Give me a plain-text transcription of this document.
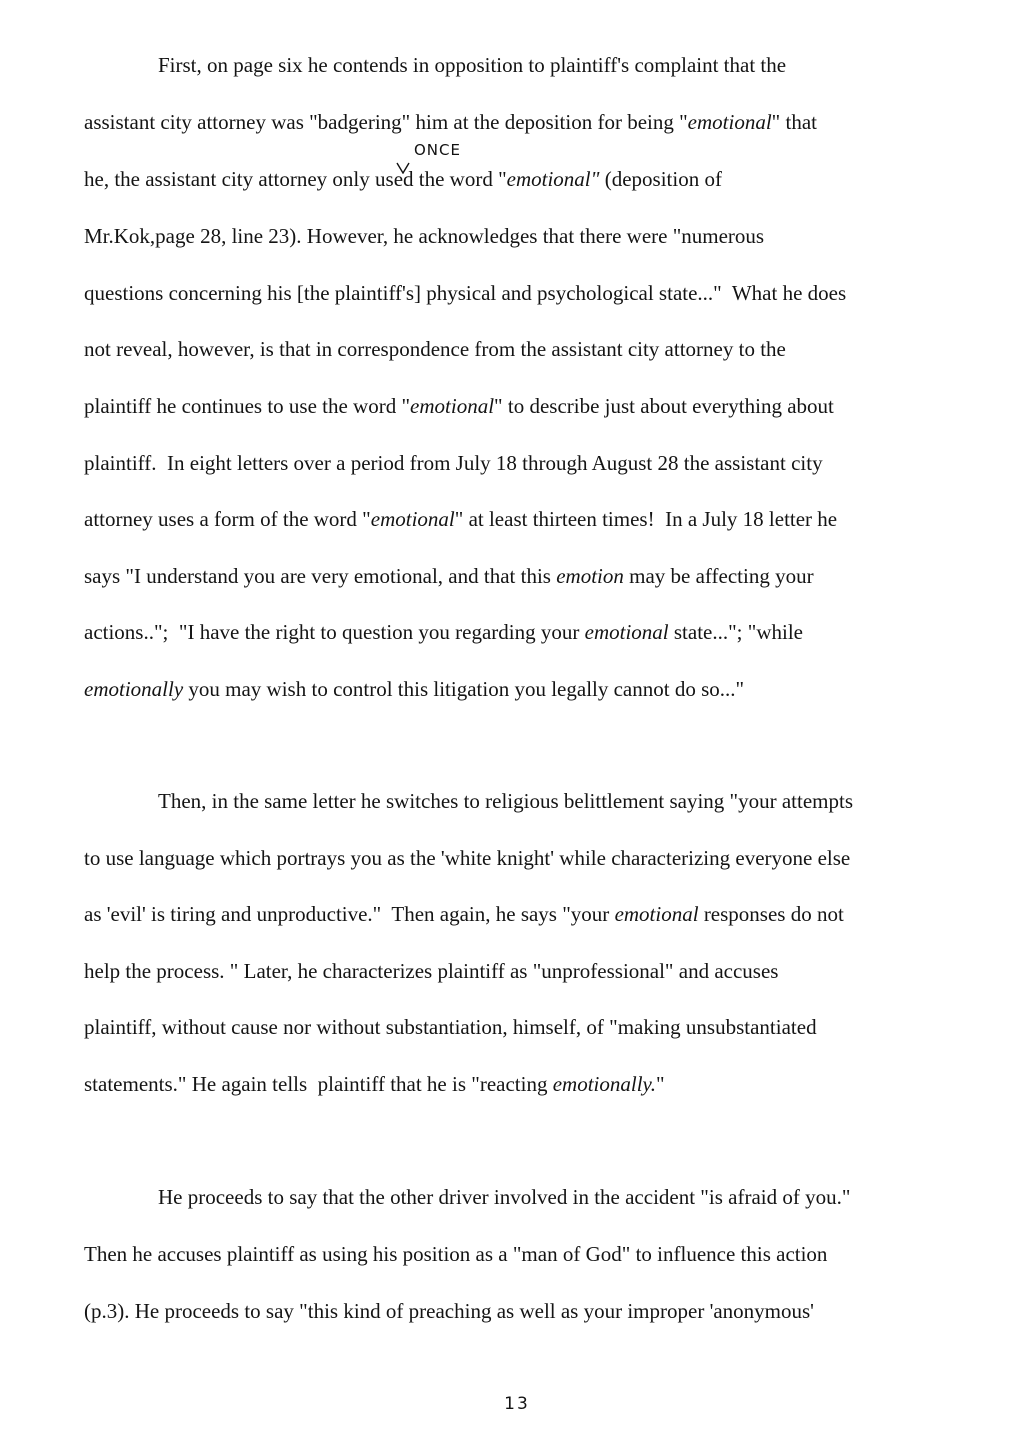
First, on page six he contends in opposition to plaintiff's complaint that the
assistant city attorney was "badgering" him at the deposition for being "emotional" that
he, the assistant city attorney only used the word "emotional" (deposition of
Mr.Kok,page 28, line 23). However, he acknowledges that there were "numerous
questions concerning his [the plaintiff's] physical and psychological state..."  What he does
not reveal, however, is that in correspondence from the assistant city attorney to the
plaintiff he continues to use the word "emotional" to describe just about everything about
plaintiff.  In eight letters over a period from July 18 through August 28 the assistant city
attorney uses a form of the word "emotional" at least thirteen times!  In a July 18 letter he
says "I understand you are very emotional, and that this emotion may be affecting your
actions..";  "I have the right to question you regarding your emotional state..."; "while
emotionally you may wish to control this litigation you legally cannot do so..."
ONCE
Then, in the same letter he switches to religious belittlement saying "your attempts
to use language which portrays you as the 'white knight' while characterizing everyone else
as 'evil' is tiring and unproductive."  Then again, he says "your emotional responses do not
help the process. " Later, he characterizes plaintiff as "unprofessional" and accuses
plaintiff, without cause nor without substantiation, himself, of "making unsubstantiated
statements." He again tells  plaintiff that he is "reacting emotionally."
He proceeds to say that the other driver involved in the accident "is afraid of you."
Then he accuses plaintiff as using his position as a "man of God" to influence this action
(p.3). He proceeds to say "this kind of preaching as well as your improper 'anonymous'
13
